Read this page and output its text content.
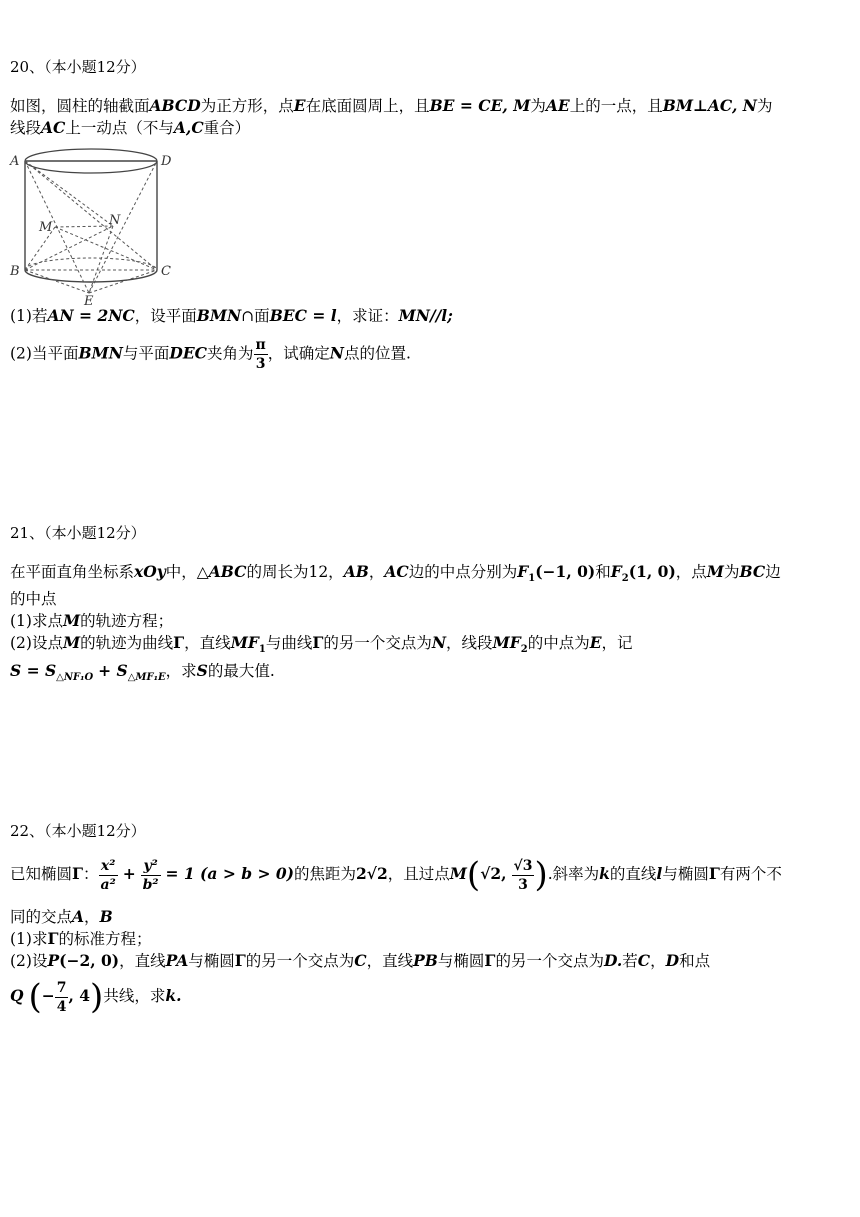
20、（本小题12分）
如图，圆柱的轴截面ABCD为正方形，点E在底面圆周上，且BE = CE, M为AE上的一点，且BM⊥AC, N为
线段AC上一动点（不与A,C重合）
A	D
M	N
B	C
E
(1)若AN = 2NC，设平面BMN∩面BEC = l，求证：MN//l;
(2)当平面BMN与平面DEC夹角为 $\frac{\pi}{3}$ ，试确定N点的位置.
21、（本小题12分）
在平面直角坐标系xOy中，△ABC的周长为12，AB，AC边的中点分别为$F_1(-1$, 0)和$F_2(1$, 0)，点M为BC边
的中点
(1)求点M的轨迹方程；
(2)设点M的轨迹为曲线Γ，直线$MF_1$与曲线Γ的另一个交点为N，线段$MF_2$的中点为E，记
$S = S_{\triangle NF_1O} + S_{\triangle MF_1E}$，求S的最大值.
22、（本小题12分）
已知椭圆Γ： $\frac{\text{x²}}{\text{a²}} + \frac{\text{y²}}{\text{b²}} = 1$ (a > b > 0)的焦距为2√2，且过点M(√2, $\frac{√3}{3}$ ).斜率为k的直线l与椭圆Γ有两个不
同的交点A，B
(1)求Γ的标准方程；
(2)设P(−2, 0)，直线PA与椭圆Γ的另一个交点为C，直线PB与椭圆Γ的另一个交点为D.若C，D和点
Q (− $\frac{7}{4}$ , 4)共线，求k.
